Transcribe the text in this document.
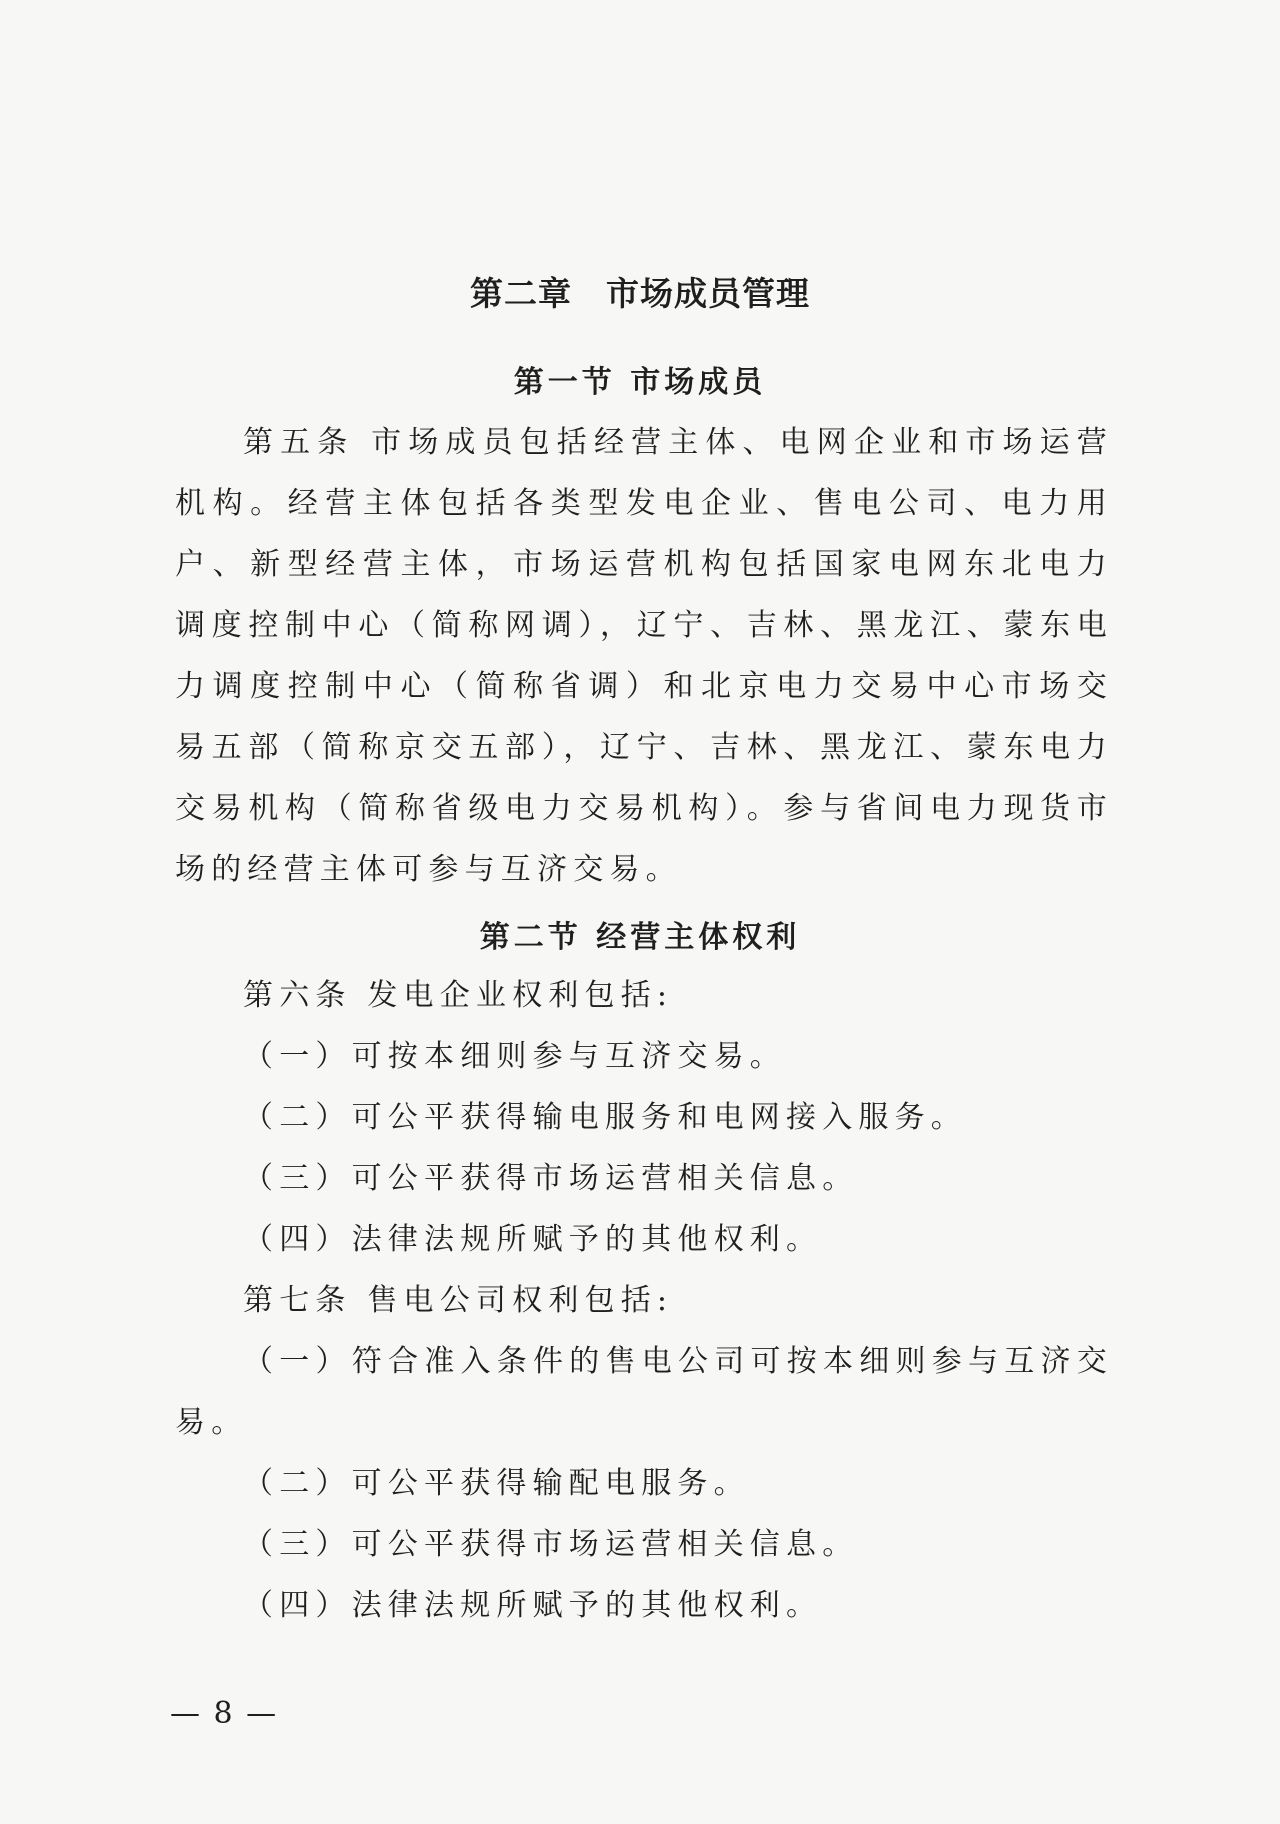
第二章　市场成员管理
第一节 市场成员
第五条 市场成员包括经营主体、电网企业和市场运营机构。经营主体包括各类型发电企业、售电公司、电力用户、新型经营主体，市场运营机构包括国家电网东北电力调度控制中心（简称网调），辽宁、吉林、黑龙江、蒙东电力调度控制中心（简称省调）和北京电力交易中心市场交易五部（简称京交五部），辽宁、吉林、黑龙江、蒙东电力交易机构（简称省级电力交易机构）。参与省间电力现货市场的经营主体可参与互济交易。
第二节 经营主体权利
第六条 发电企业权利包括:
（一）可按本细则参与互济交易。
（二）可公平获得输电服务和电网接入服务。
（三）可公平获得市场运营相关信息。
（四）法律法规所赋予的其他权利。
第七条 售电公司权利包括:
（一）符合准入条件的售电公司可按本细则参与互济交易。
（二）可公平获得输配电服务。
（三）可公平获得市场运营相关信息。
（四）法律法规所赋予的其他权利。
— 8 —
